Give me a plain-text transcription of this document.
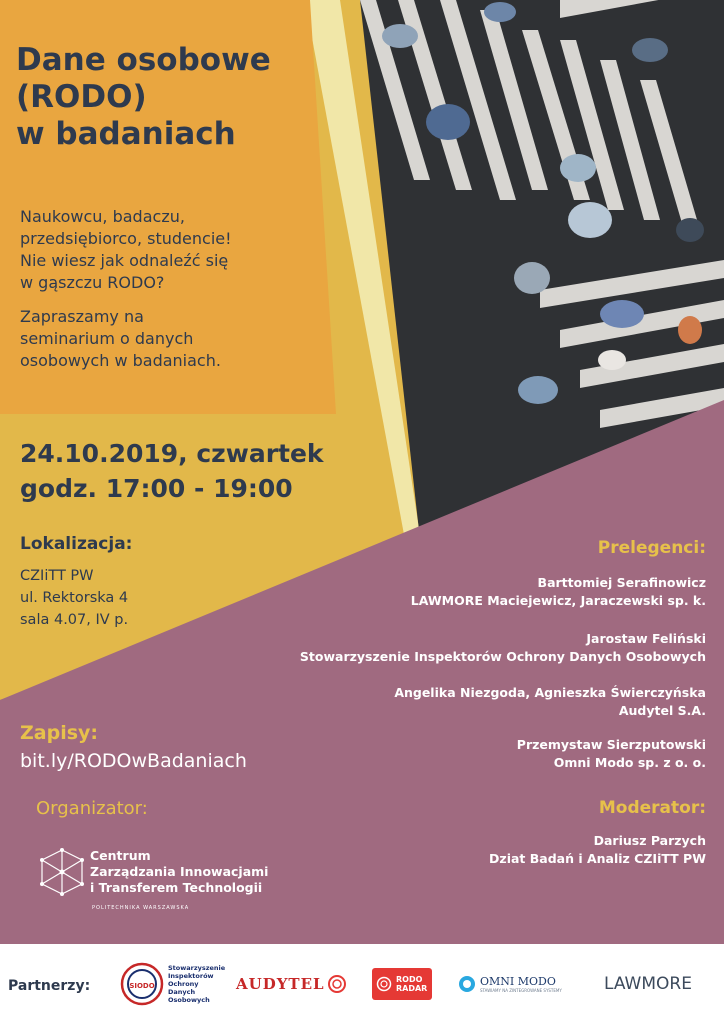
Dane osobowe
(RODO)
w badaniach

Naukowcu, badaczu,
przedsiębiorco, studencie!
Nie wiesz jak odnaleźć się
w gąszczu RODO?

Zapraszamy na
seminarium o danych
osobowych w badaniach.

24.10.2019, czwartek
godz. 17:00 - 19:00
Lokalizacja:
CZIiTT PW
ul. Rektorska 4
sala 4.07, IV p.
Zapisy:
bit.ly/RODOwBadaniach
Organizator:
Centrum
Zarządzania Innowacjami
i Transferem Technologii
POLITECHNIKA WARSZAWSKA
Prelegenci:
Barttomiej Serafinowicz
LAWMORE Maciejewicz, Jaraczewski sp. k.
Jarostaw Feliński
Stowarzyszenie Inspektorów Ochrony Danych Osobowych
Angelika Niezgoda, Agnieszka Świerczyńska
Audytel S.A.
Przemystaw Sierzputowski
Omni Modo sp. z o. o.
Moderator:
Dariusz Parzych
Dziat Badań i Analiz CZIiTT PW
Partnerzy:	SIODO
Stowarzyszenie
Inspektorów
Ochrony
Danych
Osobowych
AUDYTEL	RODO
RADAR
OMNI MODO
STAWIAMY NA ZINTEGROWANE SYSTEMY LAWMORE
